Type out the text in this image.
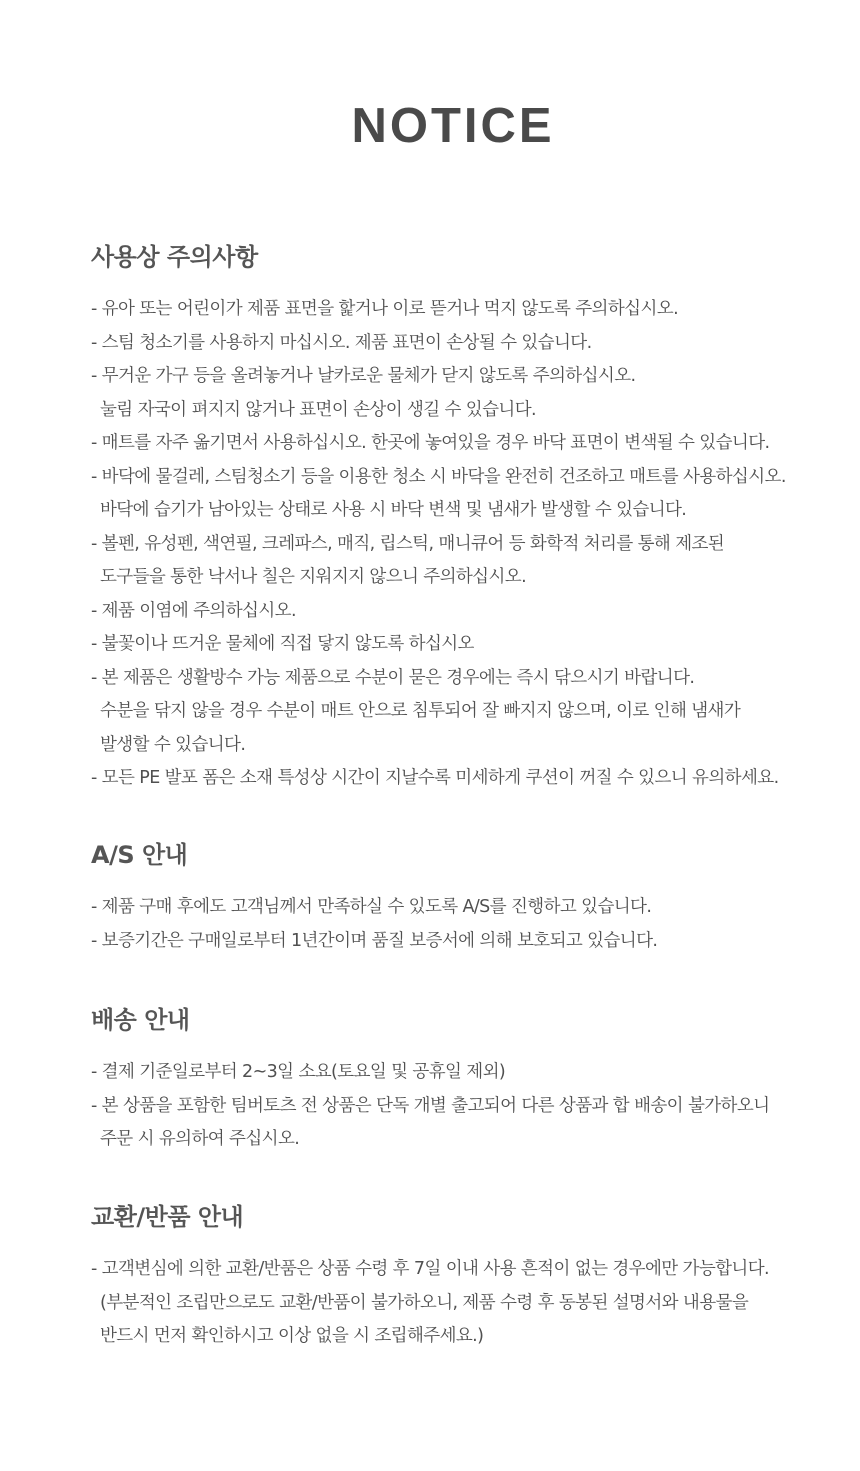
NOTICE
사용상 주의사항
- 유아 또는 어린이가 제품 표면을 핥거나 이로 뜯거나 먹지 않도록 주의하십시오.
- 스팀 청소기를 사용하지 마십시오. 제품 표면이 손상될 수 있습니다.
- 무거운 가구 등을 올려놓거나 날카로운 물체가 닫지 않도록 주의하십시오.
눌림 자국이 펴지지 않거나 표면이 손상이 생길 수 있습니다.
- 매트를 자주 옮기면서 사용하십시오. 한곳에 놓여있을 경우 바닥 표면이 변색될 수 있습니다.
- 바닥에 물걸레, 스팀청소기 등을 이용한 청소 시 바닥을 완전히 건조하고 매트를 사용하십시오.
바닥에 습기가 남아있는 상태로 사용 시 바닥 변색 및 냄새가 발생할 수 있습니다.
- 볼펜, 유성펜, 색연필, 크레파스, 매직, 립스틱, 매니큐어 등 화학적 처리를 통해 제조된
도구들을 통한 낙서나 칠은 지워지지 않으니 주의하십시오.
- 제품 이염에 주의하십시오.
- 불꽃이나 뜨거운 물체에 직접 닿지 않도록 하십시오
- 본 제품은 생활방수 가능 제품으로 수분이 묻은 경우에는 즉시 닦으시기 바랍니다.
수분을 닦지 않을 경우 수분이 매트 안으로 침투되어 잘 빠지지 않으며, 이로 인해 냄새가
발생할 수 있습니다.
- 모든 PE 발포 폼은 소재 특성상 시간이 지날수록 미세하게 쿠션이 꺼질 수 있으니 유의하세요.
A/S 안내
- 제품 구매 후에도 고객님께서 만족하실 수 있도록 A/S를 진행하고 있습니다.
- 보증기간은 구매일로부터 1년간이며 품질 보증서에 의해 보호되고 있습니다.
배송 안내
- 결제 기준일로부터 2~3일 소요(토요일 및 공휴일 제외)
- 본 상품을 포함한 팀버토츠 전 상품은 단독 개별 출고되어 다른 상품과 합 배송이 불가하오니
주문 시 유의하여 주십시오.
교환/반품 안내
- 고객변심에 의한 교환/반품은 상품 수령 후 7일 이내 사용 흔적이 없는 경우에만 가능합니다.
(부분적인 조립만으로도 교환/반품이 불가하오니, 제품 수령 후 동봉된 설명서와 내용물을
반드시 먼저 확인하시고 이상 없을 시 조립해주세요.)
